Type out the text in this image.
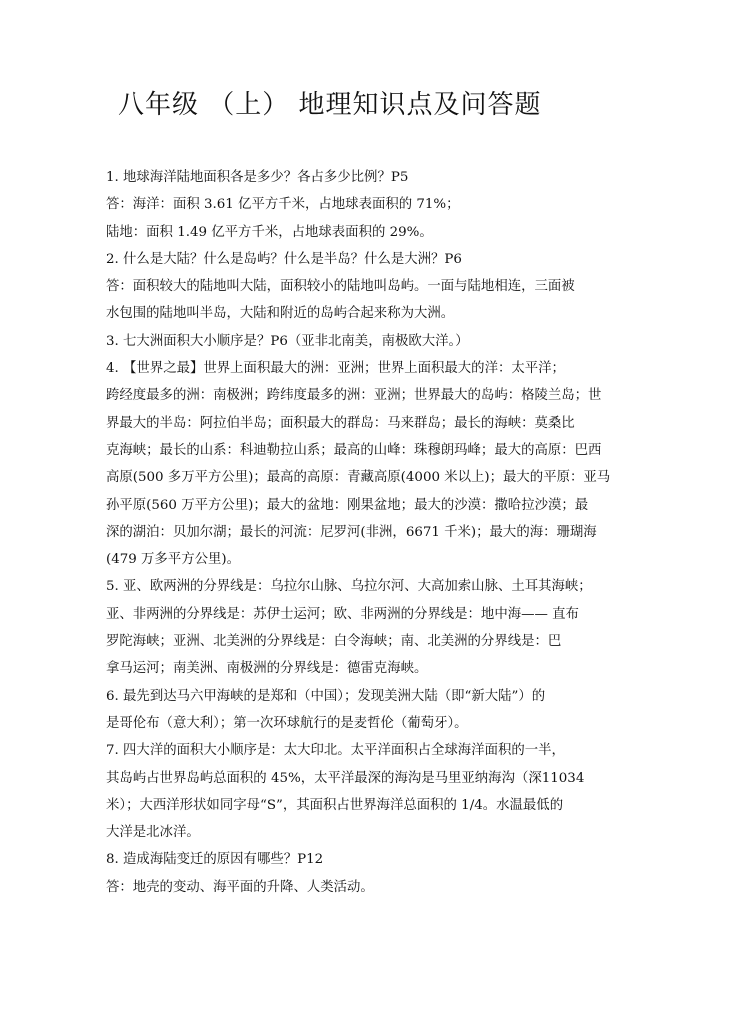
八年级 （上） 地理知识点及问答题
1. 地球海洋陆地面积各是多少？各占多少比例？P5
答：海洋：面积 3.61 亿平方千米，占地球表面积的 71%；
陆地：面积 1.49 亿平方千米，占地球表面积的 29%。
2. 什么是大陆？什么是岛屿？什么是半岛？什么是大洲？P6
答：面积较大的陆地叫大陆，面积较小的陆地叫岛屿。一面与陆地相连，三面被
水包围的陆地叫半岛，大陆和附近的岛屿合起来称为大洲。
3. 七大洲面积大小顺序是？P6（亚非北南美，南极欧大洋。）
4. 【世界之最】世界上面积最大的洲：亚洲；世界上面积最大的洋：太平洋；
跨经度最多的洲：南极洲；跨纬度最多的洲：亚洲；世界最大的岛屿：格陵兰岛；世
界最大的半岛：阿拉伯半岛；面积最大的群岛：马来群岛；最长的海峡：莫桑比
克海峡；最长的山系：科迪勒拉山系；最高的山峰：珠穆朗玛峰；最大的高原：巴西
高原(500 多万平方公里)；最高的高原：青藏高原(4000 米以上)；最大的平原：亚马
孙平原(560 万平方公里)；最大的盆地：刚果盆地；最大的沙漠：撒哈拉沙漠；最
深的湖泊：贝加尔湖；最长的河流：尼罗河(非洲，6671 千米)；最大的海：珊瑚海
(479 万多平方公里)。
5. 亚、欧两洲的分界线是：乌拉尔山脉、乌拉尔河、大高加索山脉、土耳其海峡；
亚、非两洲的分界线是：苏伊士运河；欧、非两洲的分界线是：地中海—— 直布
罗陀海峡；亚洲、北美洲的分界线是：白令海峡；南、北美洲的分界线是：巴
拿马运河；南美洲、南极洲的分界线是：德雷克海峡。
6. 最先到达马六甲海峡的是郑和（中国）；发现美洲大陆（即“新大陆”）的
是哥伦布（意大利）；第一次环球航行的是麦哲伦（葡萄牙）。
7. 四大洋的面积大小顺序是：太大印北。太平洋面积占全球海洋面积的一半，
其岛屿占世界岛屿总面积的 45%，太平洋最深的海沟是马里亚纳海沟（深11034
米）；大西洋形状如同字母“S”，其面积占世界海洋总面积的 1/4。水温最低的
大洋是北冰洋。
8. 造成海陆变迁的原因有哪些？P12
答：地壳的变动、海平面的升降、人类活动。
